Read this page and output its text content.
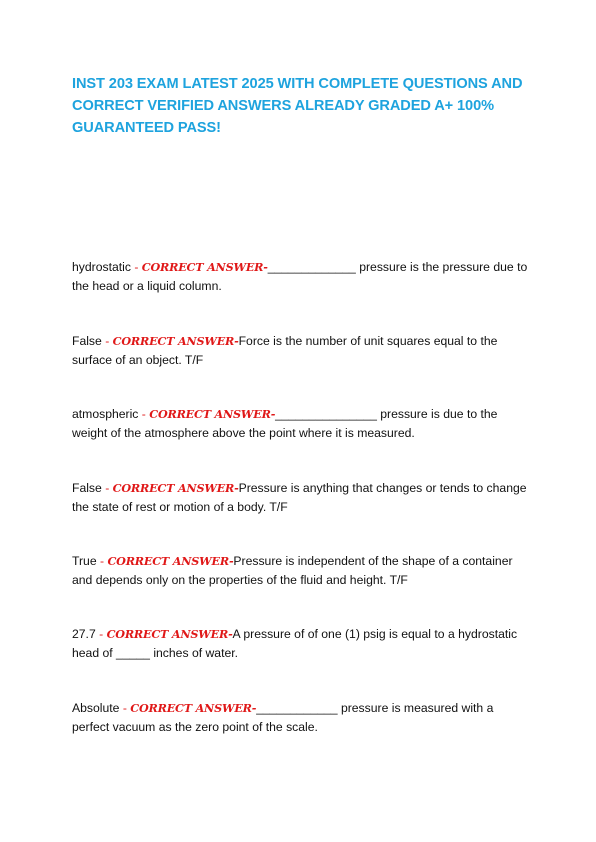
INST 203 EXAM LATEST 2025 WITH COMPLETE QUESTIONS AND CORRECT VERIFIED ANSWERS ALREADY GRADED A+ 100% GUARANTEED PASS!

hydrostatic - CORRECT ANSWER-_____________ pressure is the pressure due to the head or a liquid column.

False - CORRECT ANSWER-Force is the number of unit squares equal to the surface of an object. T/F

atmospheric - CORRECT ANSWER-_______________ pressure is due to the weight of the atmosphere above the point where it is measured.

False - CORRECT ANSWER-Pressure is anything that changes or tends to change the state of rest or motion of a body. T/F

True - CORRECT ANSWER-Pressure is independent of the shape of a container and depends only on the properties of the fluid and height. T/F

27.7 - CORRECT ANSWER-A pressure of of one (1) psig is equal to a hydrostatic head of _____ inches of water.

Absolute - CORRECT ANSWER-____________ pressure is measured with a perfect vacuum as the zero point of the scale.
